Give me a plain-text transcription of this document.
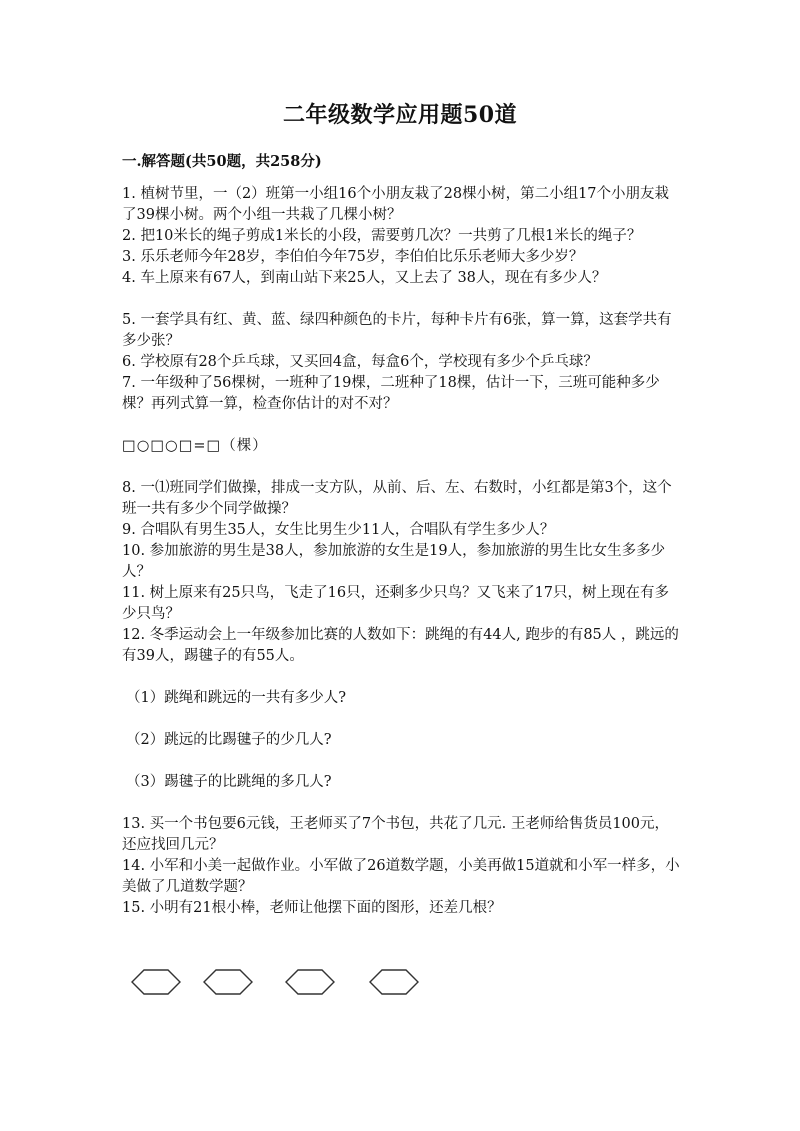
二年级数学应用题50道
一.解答题(共50题，共258分)

1. 植树节里，一（2）班第一小组16个小朋友栽了28棵小树，第二小组17个小朋友栽了39棵小树。两个小组一共栽了几棵小树？

2. 把10米长的绳子剪成1米长的小段，需要剪几次？一共剪了几根1米长的绳子？

3. 乐乐老师今年28岁，李伯伯今年75岁，李伯伯比乐乐老师大多少岁？

4. 车上原来有67人，到南山站下来25人，又上去了 38人，现在有多少人？

5. 一套学具有红、黄、蓝、绿四种颜色的卡片，每种卡片有6张，算一算，这套学共有多少张？

6. 学校原有28个乒乓球，又买回4盒，每盒6个，学校现有多少个乒乓球？

7. 一年级种了56棵树，一班种了19棵，二班种了18棵，估计一下，三班可能种多少棵？再列式算一算，检查你估计的对不对？

□○□○□=□（棵）

8. 一⑴班同学们做操，排成一支方队，从前、后、左、右数时，小红都是第3个，这个班一共有多少个同学做操？

9. 合唱队有男生35人，女生比男生少11人，合唱队有学生多少人？

10. 参加旅游的男生是38人，参加旅游的女生是19人，参加旅游的男生比女生多多少人？

11. 树上原来有25只鸟，飞走了16只，还剩多少只鸟？又飞来了17只，树上现在有多少只鸟？

12. 冬季运动会上一年级参加比赛的人数如下：跳绳的有44人, 跑步的有85人 ，跳远的有39人，踢毽子的有55人。

（1）跳绳和跳远的一共有多少人?

（2）跳远的比踢毽子的少几人?

（3）踢毽子的比跳绳的多几人?

13. 买一个书包要6元钱，王老师买了7个书包，共花了几元. 王老师给售货员100元，还应找回几元？

14. 小军和小美一起做作业。小军做了26道数学题，小美再做15道就和小军一样多，小美做了几道数学题？

15. 小明有21根小棒，老师让他摆下面的图形，还差几根？
